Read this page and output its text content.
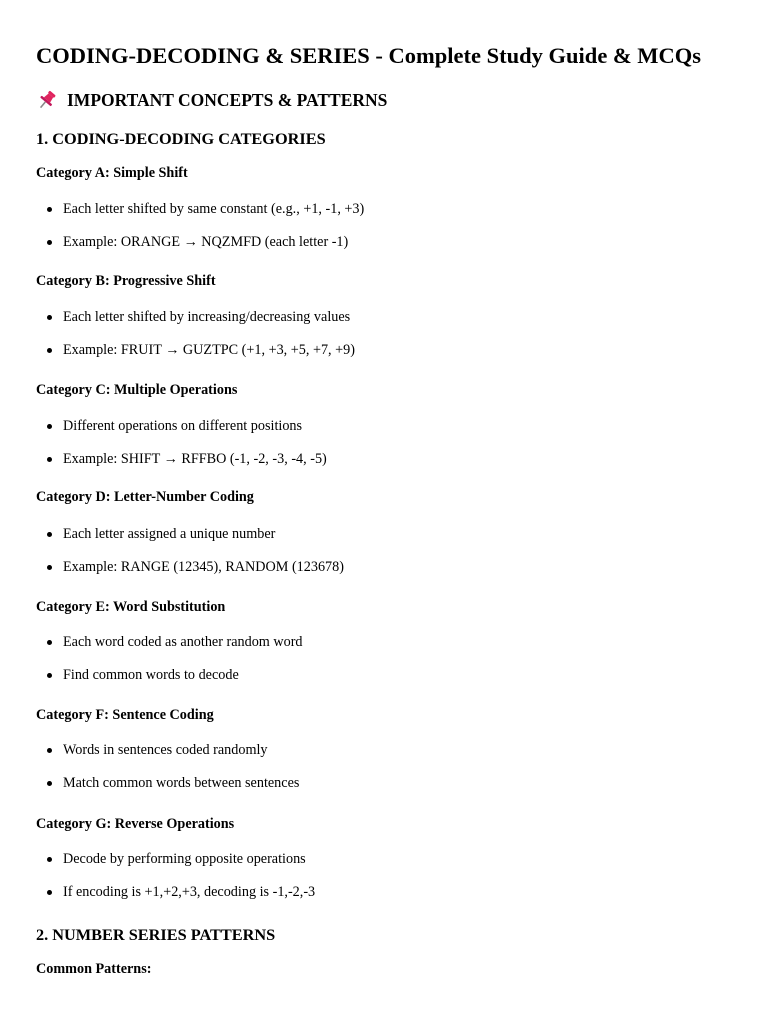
CODING-DECODING & SERIES - Complete Study Guide & MCQs
IMPORTANT CONCEPTS & PATTERNS
1. CODING-DECODING CATEGORIES
Category A: Simple Shift
Each letter shifted by same constant (e.g., +1, -1, +3)
Example: ORANGE → NQZMFD (each letter -1)
Category B: Progressive Shift
Each letter shifted by increasing/decreasing values
Example: FRUIT → GUZTPC (+1, +3, +5, +7, +9)
Category C: Multiple Operations
Different operations on different positions
Example: SHIFT → RFFBO (-1, -2, -3, -4, -5)
Category D: Letter-Number Coding
Each letter assigned a unique number
Example: RANGE (12345), RANDOM (123678)
Category E: Word Substitution
Each word coded as another random word
Find common words to decode
Category F: Sentence Coding
Words in sentences coded randomly
Match common words between sentences
Category G: Reverse Operations
Decode by performing opposite operations
If encoding is +1,+2,+3, decoding is -1,-2,-3
2. NUMBER SERIES PATTERNS
Common Patterns:
